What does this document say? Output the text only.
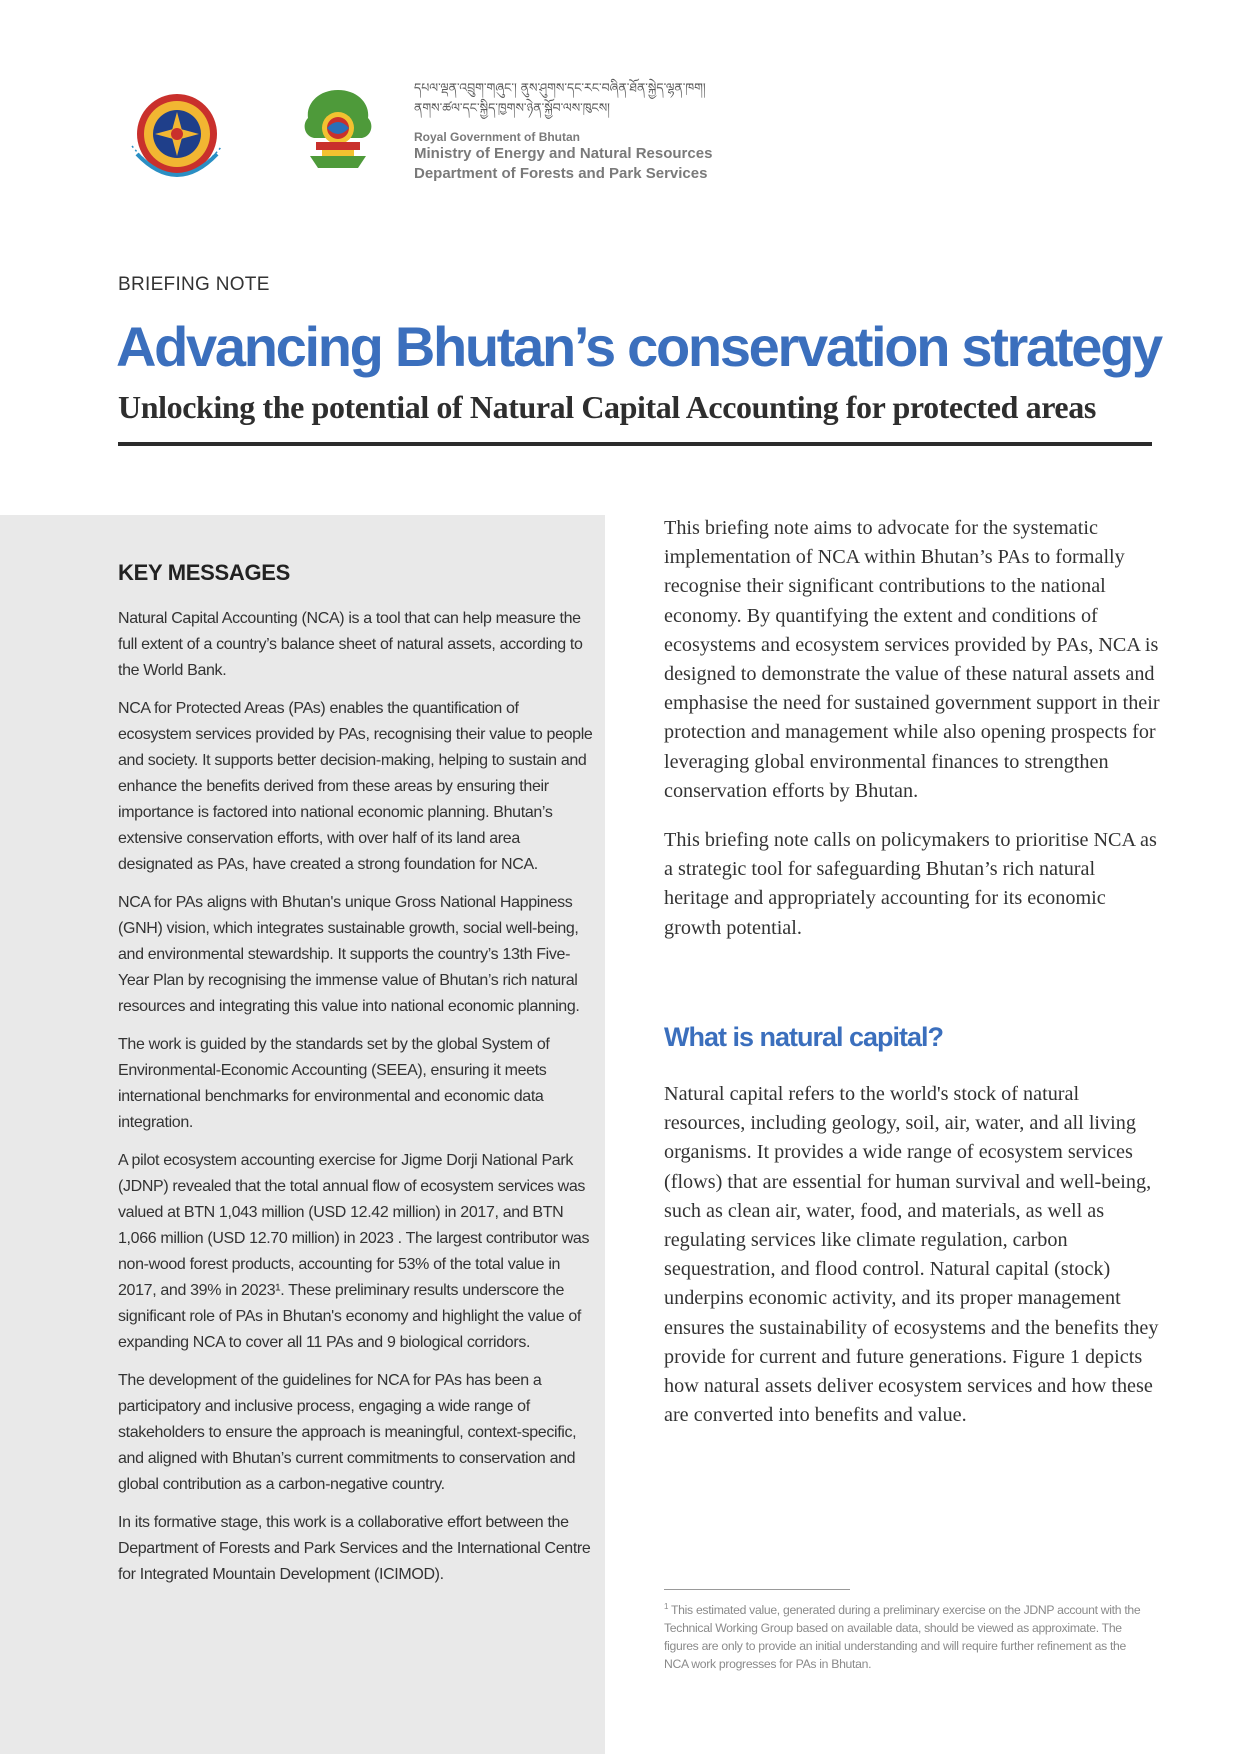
དཔལ་ལྡན་འབྲུག་གཞུང་། ནུས་ཤུགས་དང་རང་བཞིན་ཐོན་སྐྱེད་ལྷན་ཁག།
ནགས་ཚལ་དང་སྐྱིད་ཁྱགས་ཉེན་སྐྱོབ་ལས་ཁུངས།
Royal Government of Bhutan
Ministry of Energy and Natural Resources
Department of Forests and Park Services
BRIEFING NOTE
Advancing Bhutan’s conservation strategy
Unlocking the potential of Natural Capital Accounting for protected areas
KEY MESSAGES

Natural Capital Accounting (NCA) is a tool that can help measure the full extent of a country’s balance sheet of natural assets, according to the World Bank.

NCA for Protected Areas (PAs) enables the quantification of ecosystem services provided by PAs, recognising their value to people and society. It supports better decision-making, helping to sustain and enhance the benefits derived from these areas by ensuring their importance is factored into national economic planning. Bhutan’s extensive conservation efforts, with over half of its land area designated as PAs, have created a strong foundation for NCA.

NCA for PAs aligns with Bhutan's unique Gross National Happiness (GNH) vision, which integrates sustainable growth, social well-being, and environmental stewardship. It supports the country’s 13th Five-Year Plan by recognising the immense value of Bhutan’s rich natural resources and integrating this value into national economic planning.

The work is guided by the standards set by the global System of Environmental-Economic Accounting (SEEA), ensuring it meets international benchmarks for environmental and economic data integration.

A pilot ecosystem accounting exercise for Jigme Dorji National Park (JDNP) revealed that the total annual flow of ecosystem services was valued at BTN 1,043 million (USD 12.42 million) in 2017, and BTN 1,066 million (USD 12.70 million) in 2023 . The largest contributor was non-wood forest products, accounting for 53% of the total value in 2017, and 39% in 2023¹. These preliminary results underscore the significant role of PAs in Bhutan's economy and highlight the value of expanding NCA to cover all 11 PAs and 9 biological corridors.

The development of the guidelines for NCA for PAs has been a participatory and inclusive process, engaging a wide range of stakeholders to ensure the approach is meaningful, context-specific, and aligned with Bhutan’s current commitments to conservation and global contribution as a carbon-negative country.

In its formative stage, this work is a collaborative effort between the Department of Forests and Park Services and the International Centre for Integrated Mountain Development (ICIMOD).

This briefing note aims to advocate for the systematic implementation of NCA within Bhutan’s PAs to formally recognise their significant contributions to the national economy. By quantifying the extent and conditions of ecosystems and ecosystem services provided by PAs, NCA is designed to demonstrate the value of these natural assets and emphasise the need for sustained government support in their protection and management while also opening prospects for leveraging global environmental finances to strengthen conservation efforts by Bhutan.

This briefing note calls on policymakers to prioritise NCA as a strategic tool for safeguarding Bhutan’s rich natural heritage and appropriately accounting for its economic growth potential.

What is natural capital?

Natural capital refers to the world's stock of natural resources, including geology, soil, air, water, and all living organisms. It provides a wide range of ecosystem services (flows) that are essential for human survival and well-being, such as clean air, water, food, and materials, as well as regulating services like climate regulation, carbon sequestration, and flood control. Natural capital (stock) underpins economic activity, and its proper management ensures the sustainability of ecosystems and the benefits they provide for current and future generations. Figure 1 depicts how natural assets deliver ecosystem services and how these are converted into benefits and value.

$^1$ This estimated value, generated during a preliminary exercise on the JDNP account with the Technical Working Group based on available data, should be viewed as approximate. The figures are only to provide an initial understanding and will require further refinement as the NCA work progresses for PAs in Bhutan.
